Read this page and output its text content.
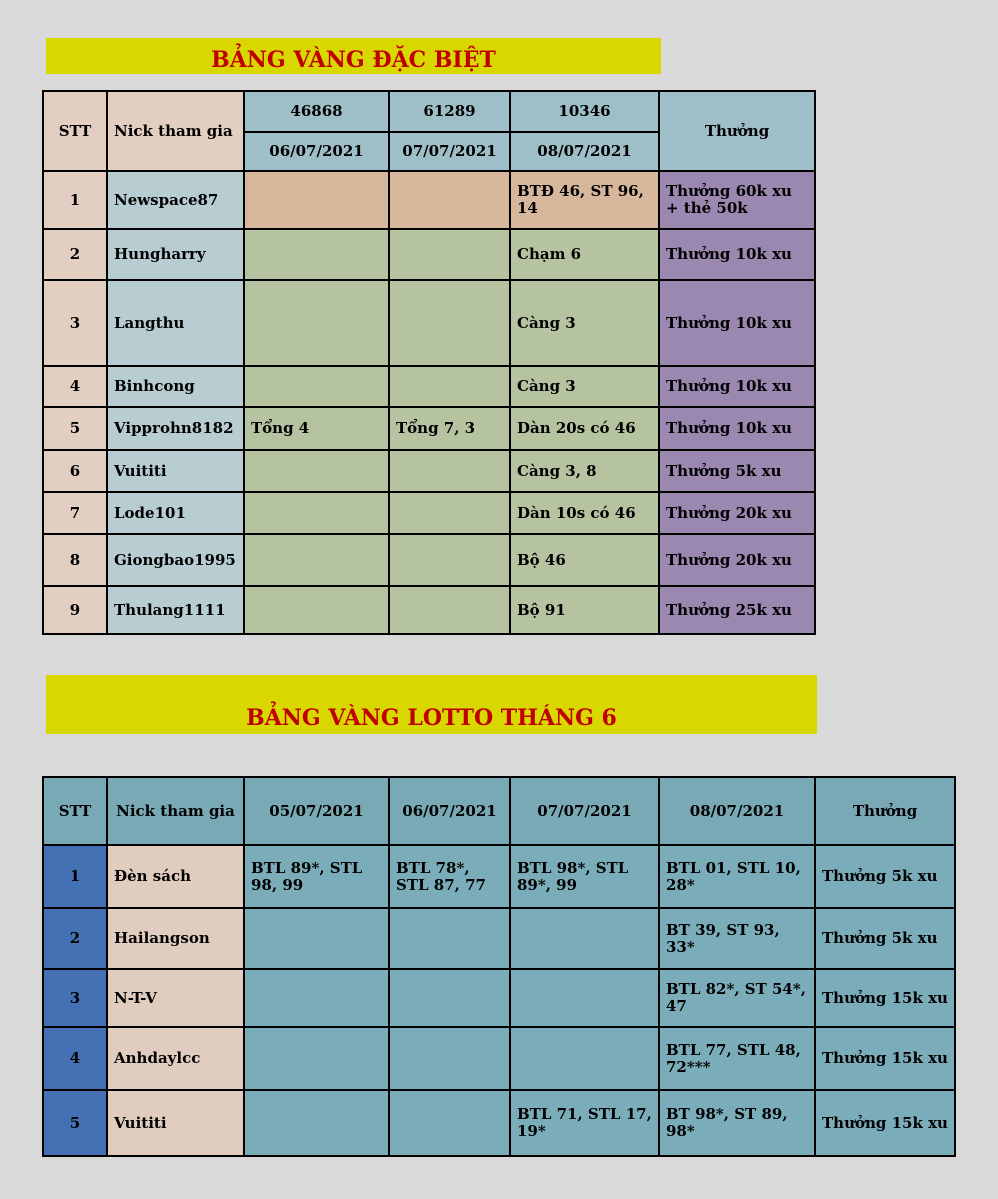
BẢNG VÀNG ĐẶC BIỆT
STT	Nick tham gia	46868	61289	10346	Thưởng
		06/07/2021	07/07/2021	08/07/2021	
1	Newspace87			BTĐ 46, ST 96, 14	Thưởng 60k xu + thẻ 50k
2	Hungharry			Chạm 6	Thưởng 10k xu
3	Langthu			Càng 3	Thưởng 10k xu
4	Binhcong			Càng 3	Thưởng 10k xu
5	Vipprohn8182	Tổng 4	Tổng 7, 3	Dàn 20s có 46	Thưởng 10k xu
6	Vuititi			Càng 3, 8	Thưởng 5k xu
7	Lode101			Dàn 10s có 46	Thưởng 20k xu
8	Giongbao1995			Bộ 46	Thưởng 20k xu
9	Thulang1111			Bộ 91	Thưởng 25k xu
BẢNG VÀNG LOTTO THÁNG 6
STT	Nick tham gia	05/07/2021	06/07/2021	07/07/2021	08/07/2021	Thưởng
1	Đèn sách	BTL 89*, STL 98, 99	BTL 78*, STL 87, 77	BTL 98*, STL 89*, 99	BTL 01, STL 10, 28*	Thưởng 5k xu
2	Hailangson				BT 39, ST 93, 33*	Thưởng 5k xu
3	N-T-V				BTL 82*, ST 54*, 47	Thưởng 15k xu
4	Anhdaylcc				BTL 77, STL 48, 72***	Thưởng 15k xu
5	Vuititi			BTL 71, STL 17, 19*	BT 98*, ST 89, 98*	Thưởng 15k xu
